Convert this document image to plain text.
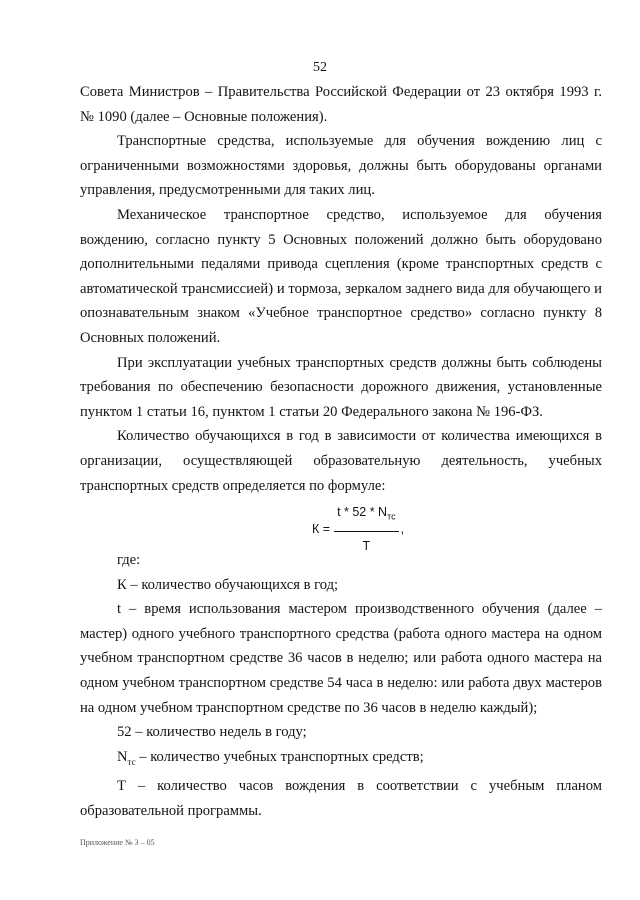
52

Совета Министров – Правительства Российской Федерации от 23 октября 1993 г. № 1090 (далее – Основные положения).

Транспортные средства, используемые для обучения вождению лиц с ограниченными возможностями здоровья, должны быть оборудованы органами управления, предусмотренными для таких лиц.

Механическое транспортное средство, используемое для обучения вождению, согласно пункту 5 Основных положений должно быть оборудовано дополнительными педалями привода сцепления (кроме транспортных средств с автоматической трансмиссией) и тормоза, зеркалом заднего вида для обучающего и опознавательным знаком «Учебное транспортное средство» согласно пункту 8 Основных положений.

При эксплуатации учебных транспортных средств должны быть соблюдены требования по обеспечению безопасности дорожного движения, установленные пунктом 1 статьи 16, пунктом 1 статьи 20 Федерального закона № 196-ФЗ.

Количество обучающихся в год в зависимости от количества имеющихся в организации, осуществляющей образовательную деятельность, учебных транспортных средств определяется по формуле:

$К = \frac{t * 52 * N_{тс}}{T}$ ,

где:

К – количество обучающихся в год;

t – время использования мастером производственного обучения (далее – мастер) одного учебного транспортного средства (работа одного мастера на одном учебном транспортном средстве 36 часов в неделю; или работа одного мастера на одном учебном транспортном средстве 54 часа в неделю: или работа двух мастеров на одном учебном транспортном средстве по 36 часов в неделю каждый);

52 – количество недель в году;

$N_{тс}$ – количество учебных транспортных средств;

Т – количество часов вождения в соответствии с учебным планом образовательной программы.

Приложение № 3 – 05
